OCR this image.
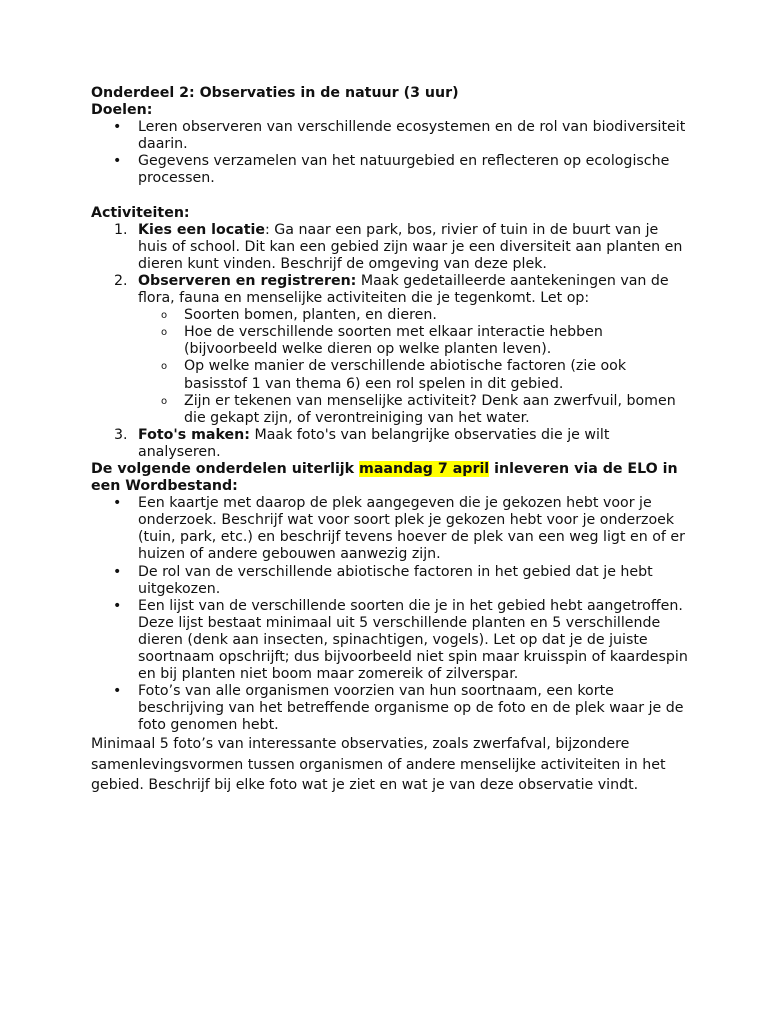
Onderdeel 2: Observaties in de natuur (3 uur)
Doelen:
• Leren observeren van verschillende ecosystemen en de rol van biodiversiteit daarin.
• Gegevens verzamelen van het natuurgebied en reflecteren op ecologische processen.
Activiteiten:
1. Kies een locatie: Ga naar een park, bos, rivier of tuin in de buurt van je huis of school. Dit kan een gebied zijn waar je een diversiteit aan planten en dieren kunt vinden. Beschrijf de omgeving van deze plek.
2. Observeren en registreren: Maak gedetailleerde aantekeningen van de flora, fauna en menselijke activiteiten die je tegenkomt. Let op:
o Soorten bomen, planten, en dieren.
o Hoe de verschillende soorten met elkaar interactie hebben (bijvoorbeeld welke dieren op welke planten leven).
o Op welke manier de verschillende abiotische factoren (zie ook basisstof 1 van thema 6) een rol spelen in dit gebied.
o Zijn er tekenen van menselijke activiteit? Denk aan zwerfvuil, bomen die gekapt zijn, of verontreiniging van het water.
3. Foto's maken: Maak foto's van belangrijke observaties die je wilt analyseren.
De volgende onderdelen uiterlijk maandag 7 april inleveren via de ELO in een Wordbestand:
• Een kaartje met daarop de plek aangegeven die je gekozen hebt voor je onderzoek. Beschrijf wat voor soort plek je gekozen hebt voor je onderzoek (tuin, park, etc.) en beschrijf tevens hoever de plek van een weg ligt en of er huizen of andere gebouwen aanwezig zijn.
• De rol van de verschillende abiotische factoren in het gebied dat je hebt uitgekozen.
• Een lijst van de verschillende soorten die je in het gebied hebt aangetroffen. Deze lijst bestaat minimaal uit 5 verschillende planten en 5 verschillende dieren (denk aan insecten, spinachtigen, vogels). Let op dat je de juiste soortnaam opschrijft; dus bijvoorbeeld niet spin maar kruisspin of kaardespin en bij planten niet boom maar zomereik of zilverspar.
• Foto’s van alle organismen voorzien van hun soortnaam, een korte beschrijving van het betreffende organisme op de foto en de plek waar je de foto genomen hebt.
Minimaal 5 foto’s van interessante observaties, zoals zwerfafval, bijzondere samenlevingsvormen tussen organismen of andere menselijke activiteiten in het gebied. Beschrijf bij elke foto wat je ziet en wat je van deze observatie vindt.
